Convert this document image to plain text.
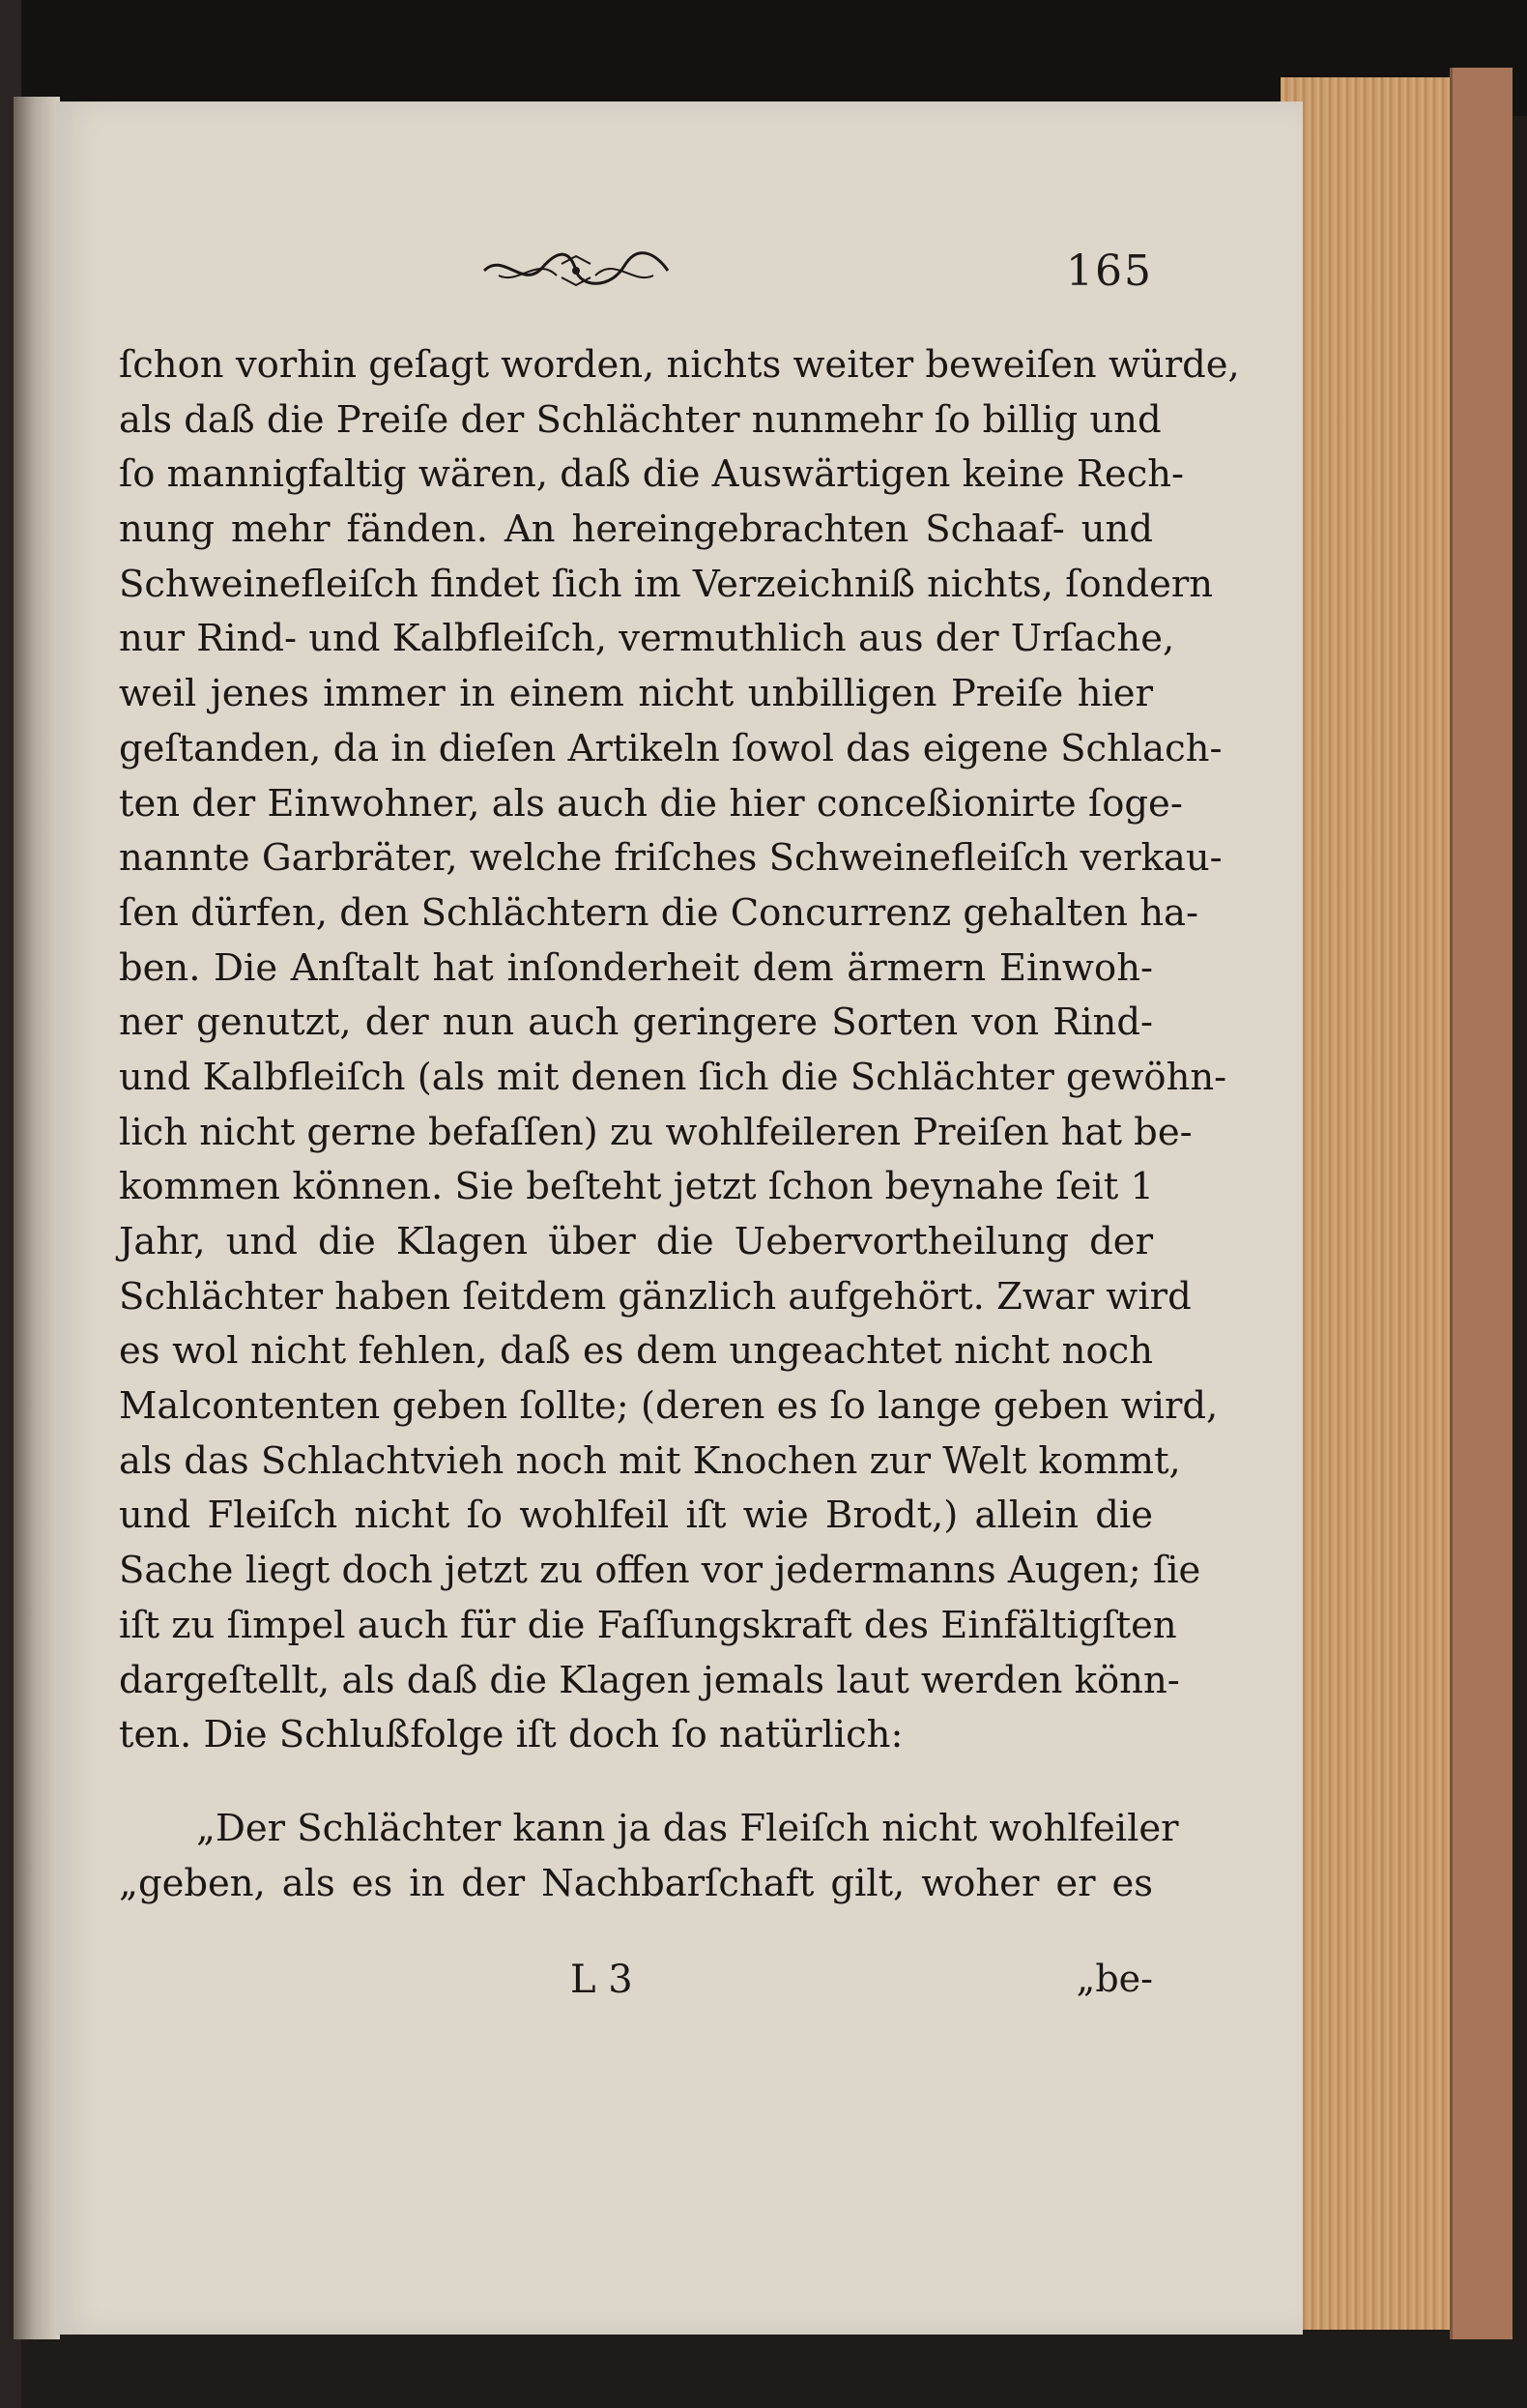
165
ſchon vorhin geſagt worden, nichts weiter beweiſen würde,
als daß die Preiſe der Schlächter nunmehr ſo billig und
ſo mannigfaltig wären, daß die Auswärtigen keine Rech-
nung mehr fänden. An hereingebrachten Schaaf- und
Schweinefleiſch findet ſich im Verzeichniß nichts, ſondern
nur Rind- und Kalbfleiſch, vermuthlich aus der Urſache,
weil jenes immer in einem nicht unbilligen Preiſe hier
geſtanden, da in dieſen Artikeln ſowol das eigene Schlach-
ten der Einwohner, als auch die hier conceßionirte ſoge-
nannte Garbräter, welche friſches Schweinefleiſch verkau-
ſen dürfen, den Schlächtern die Concurrenz gehalten ha-
ben. Die Anſtalt hat inſonderheit dem ärmern Einwoh-
ner genutzt, der nun auch geringere Sorten von Rind-
und Kalbfleiſch (als mit denen ſich die Schlächter gewöhn-
lich nicht gerne befaſſen) zu wohlfeileren Preiſen hat be-
kommen können. Sie beſteht jetzt ſchon beynahe ſeit 1
Jahr, und die Klagen über die Uebervortheilung der
Schlächter haben ſeitdem gänzlich aufgehört. Zwar wird
es wol nicht fehlen, daß es dem ungeachtet nicht noch
Malcontenten geben ſollte; (deren es ſo lange geben wird,
als das Schlachtvieh noch mit Knochen zur Welt kommt,
und Fleiſch nicht ſo wohlfeil iſt wie Brodt,) allein die
Sache liegt doch jetzt zu offen vor jedermanns Augen; ſie
iſt zu ſimpel auch für die Faſſungskraft des Einfältigſten
dargeſtellt, als daß die Klagen jemals laut werden könn-
ten. Die Schlußfolge iſt doch ſo natürlich:
„Der Schlächter kann ja das Fleiſch nicht wohlfeiler
„geben, als es in der Nachbarſchaft gilt, woher er es
L 3	„be-
